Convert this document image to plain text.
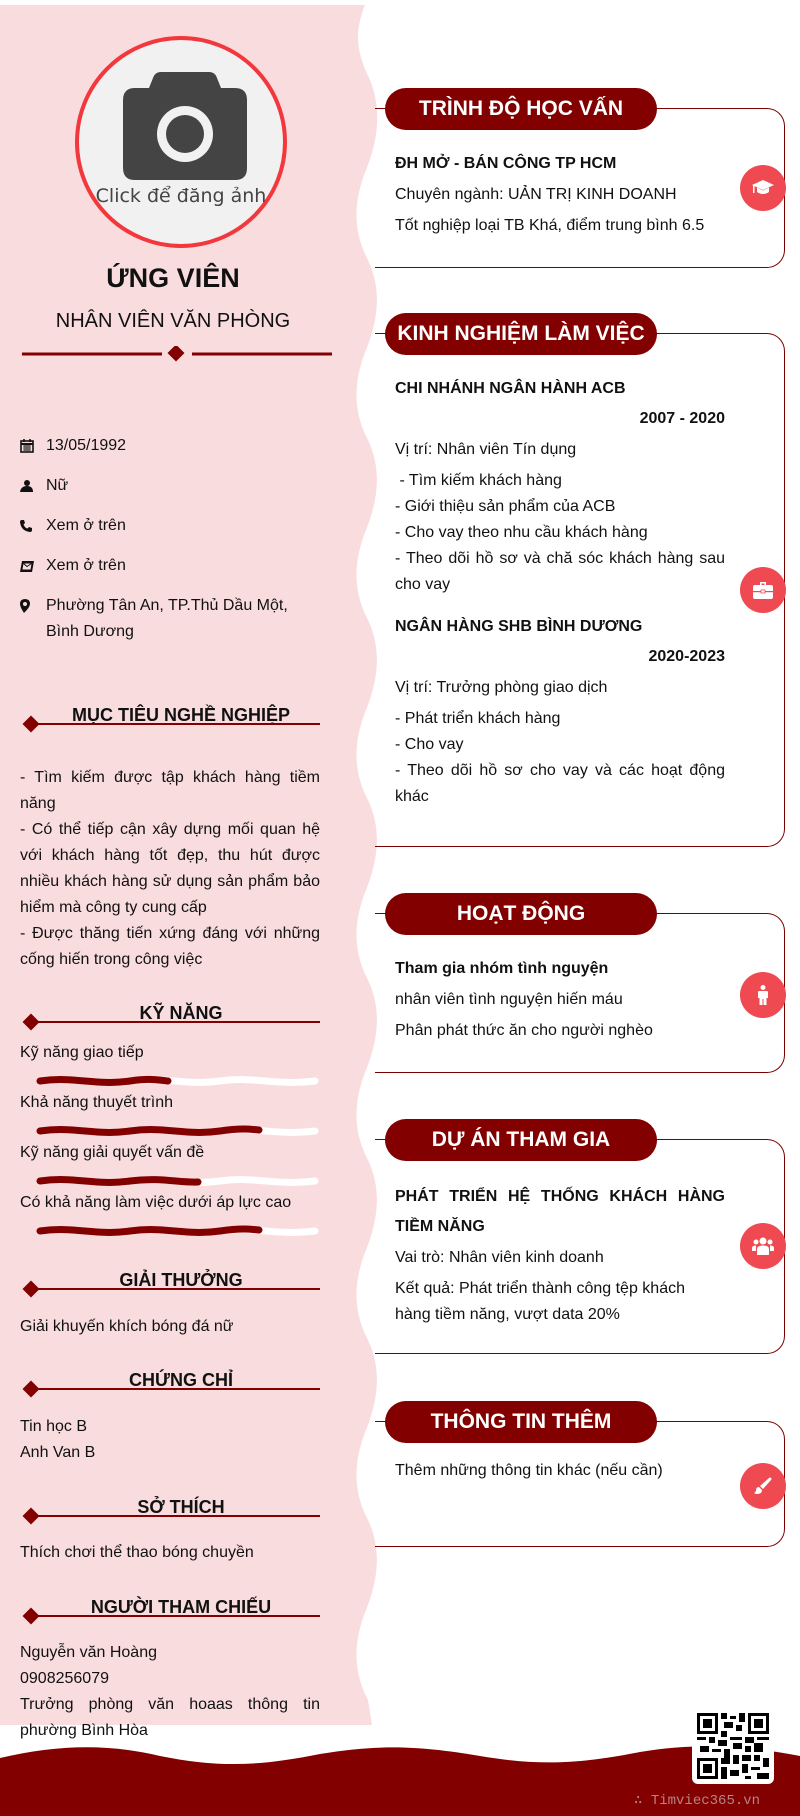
Click để đăng ảnh
ỨNG VIÊN
NHÂN VIÊN VĂN PHÒNG
13/05/1992
Nữ
Xem ở trên
Xem ở trên
Phường Tân An, TP.Thủ Dầu Một, Bình Dương
MỤC TIÊU NGHỀ NGHIỆP
- Tìm kiếm được tập khách hàng tiềm năng
- Có thể tiếp cận xây dựng mối quan hệ với khách hàng tốt đẹp, thu hút được nhiều khách hàng sử dụng sản phẩm bảo hiểm mà công ty cung cấp
- Được thăng tiến xứng đáng với những cống hiến trong công việc
KỸ NĂNG
Kỹ năng giao tiếp
Khả năng thuyết trình
Kỹ năng giải quyết vấn đề
Có khả năng làm việc dưới áp lực cao
GIẢI THƯỞNG
Giải khuyến khích bóng đá nữ
CHỨNG CHỈ
Tin học B
Anh Van B
SỞ THÍCH
Thích chơi thể thao bóng chuyền
NGƯỜI THAM CHIẾU
Nguyễn văn Hoàng
0908256079
Trưởng phòng văn hoaas thông tin phường Bình Hòa
TRÌNH ĐỘ HỌC VẤN
ĐH MỞ - BÁN CÔNG TP HCM
Chuyên ngành: UẢN TRỊ KINH DOANH
Tốt nghiệp loại TB Khá, điểm trung bình 6.5
KINH NGHIỆM LÀM VIỆC
CHI NHÁNH NGÂN HÀNH ACB
2007 - 2020
Vị trí: Nhân viên Tín dụng
- Tìm kiếm khách hàng
- Giới thiệu sản phẩm của ACB
- Cho vay theo nhu cầu khách hàng
- Theo dõi hồ sơ và chă sóc khách hàng sau cho vay
NGÂN HÀNG SHB BÌNH DƯƠNG
2020-2023
Vị trí: Trưởng phòng giao dịch
- Phát triển khách hàng
- Cho vay
- Theo dõi hồ sơ cho vay và các hoạt động khác
HOẠT ĐỘNG
Tham gia nhóm tình nguyện
nhân viên tình nguyện hiến máu
Phân phát thức ăn cho người nghèo
DỰ ÁN THAM GIA
PHÁT TRIỂN HỆ THỐNG KHÁCH HÀNG TIỀM NĂNG
Vai trò: Nhân viên kinh doanh
Kết quả: Phát triển thành công tệp khách hàng tiềm năng, vượt data 20%
THÔNG TIN THÊM
Thêm những thông tin khác (nếu cần)
∴ Timviec365.vn
